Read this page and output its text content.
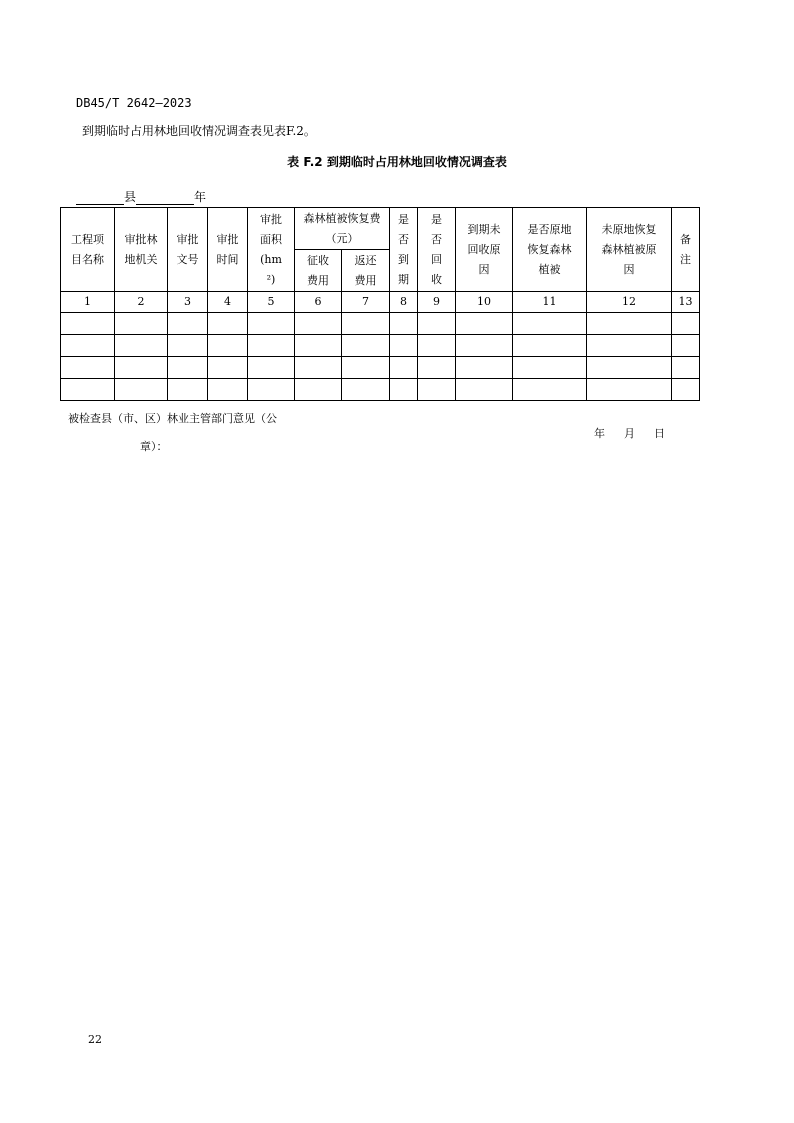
DB45/T 2642—2023
到期临时占用林地回收情况调查表见表F.2。
表 F.2 到期临时占用林地回收情况调查表
县	年
工程项目名称	审批林地机关	审批文号	审批时间	审批面积(hm²)	森林植被恢复费（元）		是否到期	是否回收	到期未回收原因	是否原地恢复森林植被	未原地恢复森林植被原因	备注
					征收费用	返还费用						
1	2	3	4	5	6	7	8	9	10	11	12	13

被检查县（市、区）林业主管部门意见（公
章）：
年 月 日
22
